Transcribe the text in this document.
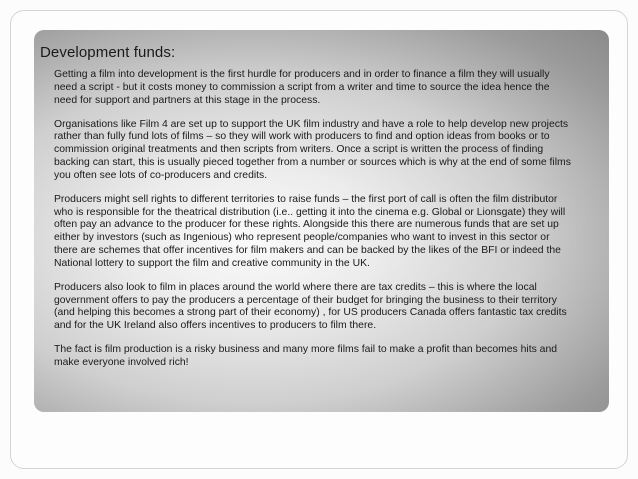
Development funds:

Getting a film into development is the first hurdle for producers and in order to finance a film they will usually need a script - but it costs money to commission a script from a writer and time to source the idea hence the need for support and partners at this stage in the process.

Organisations like Film 4 are set up to support the UK film industry and have a role to help develop new projects rather than fully fund lots of films – so they will work with producers to find and option ideas from books or to commission original treatments and then scripts from writers. Once a script is written the process of finding backing can start, this is usually pieced together from a number or sources which is why at the end of some films you often see lots of co-producers and credits.

Producers might sell rights to different territories to raise funds – the first port of call is often the film distributor who is responsible for the theatrical distribution (i.e.. getting it into the cinema e.g. Global or Lionsgate) they will often pay an advance to the producer for these rights. Alongside this there are numerous funds that are set up either by investors (such as Ingenious) who represent people/companies who want to invest in this sector or there are schemes that offer incentives for film makers and can be backed by the likes of the BFI or indeed the National lottery to support the film and creative community in the UK.

Producers also look to film in places around the world where there are tax credits – this is where the local government offers to pay the producers a percentage of their budget for bringing the business to their territory (and helping this becomes a strong part of their economy) , for US producers Canada offers fantastic tax credits and for the UK Ireland also offers incentives to producers to film there.

The fact is film production is a risky business and many more films fail to make a profit than becomes hits and make everyone involved rich!
